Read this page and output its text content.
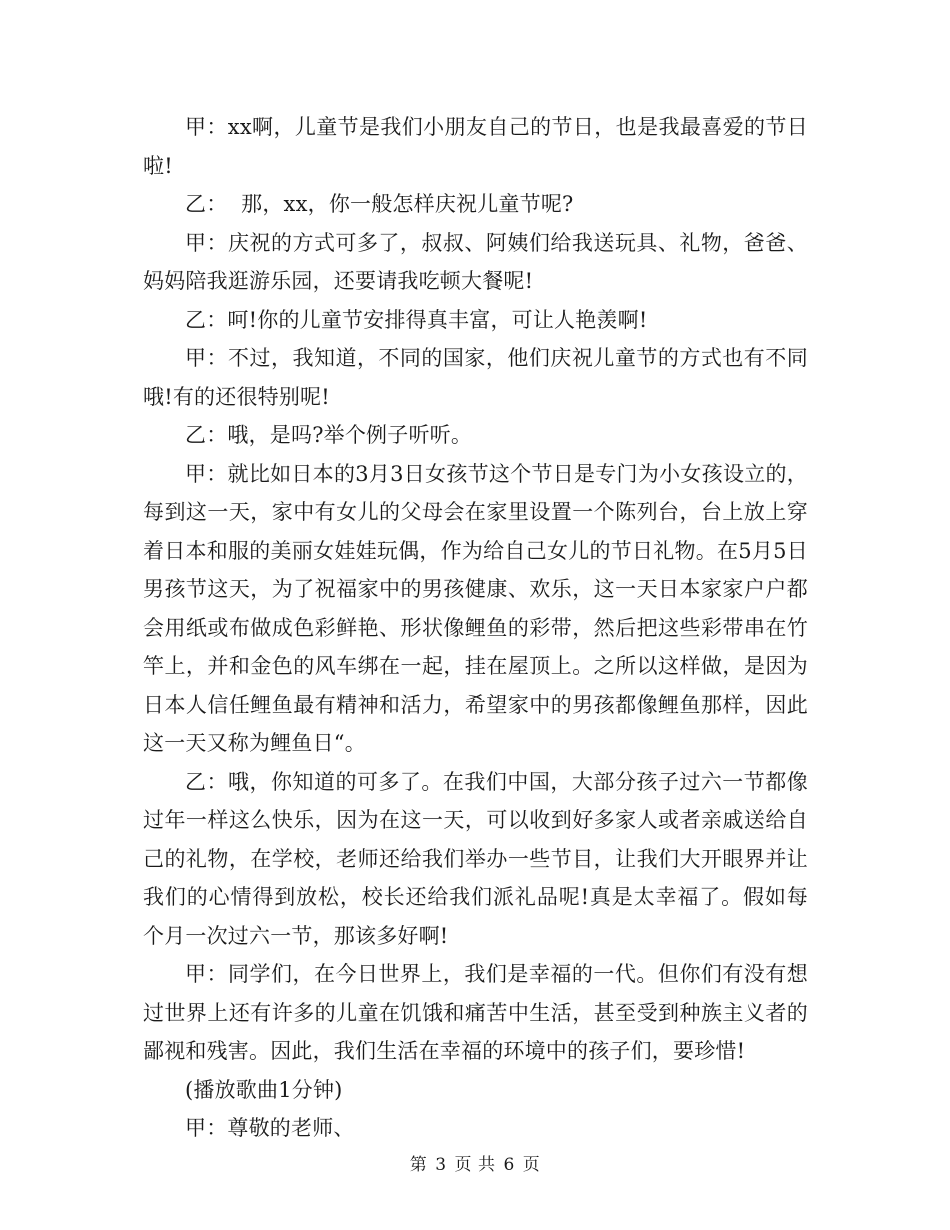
甲：xx啊，儿童节是我们小朋友自己的节日，也是我最喜爱的节日啦!

乙：  那，xx，你一般怎样庆祝儿童节呢?

甲：庆祝的方式可多了，叔叔、阿姨们给我送玩具、礼物，爸爸、妈妈陪我逛游乐园，还要请我吃顿大餐呢!

乙：呵!你的儿童节安排得真丰富，可让人艳羡啊!

甲：不过，我知道，不同的国家，他们庆祝儿童节的方式也有不同哦!有的还很特别呢!

乙：哦，是吗?举个例子听听。

甲：就比如日本的3月3日女孩节这个节日是专门为小女孩设立的，每到这一天，家中有女儿的父母会在家里设置一个陈列台，台上放上穿着日本和服的美丽女娃娃玩偶，作为给自己女儿的节日礼物。在5月5日男孩节这天，为了祝福家中的男孩健康、欢乐，这一天日本家家户户都会用纸或布做成色彩鲜艳、形状像鲤鱼的彩带，然后把这些彩带串在竹竿上，并和金色的风车绑在一起，挂在屋顶上。之所以这样做，是因为日本人信任鲤鱼最有精神和活力，希望家中的男孩都像鲤鱼那样，因此这一天又称为鲤鱼日“。

乙：哦，你知道的可多了。在我们中国，大部分孩子过六一节都像过年一样这么快乐，因为在这一天，可以收到好多家人或者亲戚送给自己的礼物，在学校，老师还给我们举办一些节目，让我们大开眼界并让我们的心情得到放松，校长还给我们派礼品呢!真是太幸福了。假如每个月一次过六一节，那该多好啊!

甲：同学们，在今日世界上，我们是幸福的一代。但你们有没有想过世界上还有许多的儿童在饥饿和痛苦中生活，甚至受到种族主义者的鄙视和残害。因此，我们生活在幸福的环境中的孩子们，要珍惜!

(播放歌曲1分钟)

甲：尊敬的老师、

第 3 页 共 6 页
